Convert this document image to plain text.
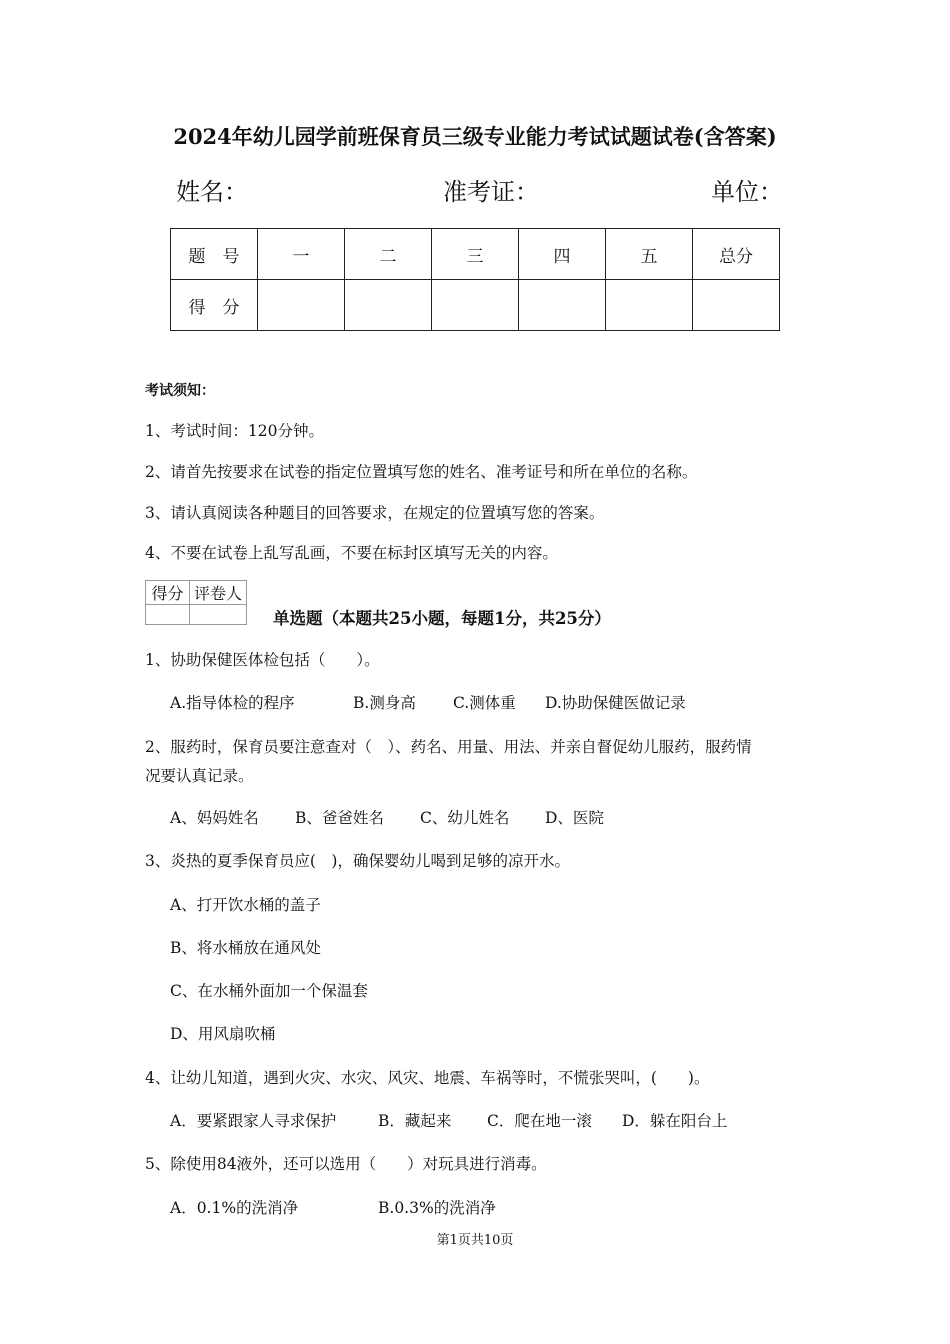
2024年幼儿园学前班保育员三级专业能力考试试题试卷(含答案)
姓名：	准考证：	单位：
题　号	一	二	三	四	五	总分
得　分						
考试须知：
1、考试时间：120分钟。
2、请首先按要求在试卷的指定位置填写您的姓名、准考证号和所在单位的名称。
3、请认真阅读各种题目的回答要求，在规定的位置填写您的答案。
4、不要在试卷上乱写乱画，不要在标封区填写无关的内容。
得分	评卷人

单选题（本题共25小题，每题1分，共25分）
1、协助保健医体检包括（　　）。
A.指导体检的程序	B.测身高 C.测体重 D.协助保健医做记录
2、服药时，保育员要注意查对（　）、药名、用量、用法、并亲自督促幼儿服药，服药情
况要认真记录。
A、妈妈姓名 B、爸爸姓名 C、幼儿姓名 D、医院
3、炎热的夏季保育员应(　)，确保婴幼儿喝到足够的凉开水。
A、打开饮水桶的盖子
B、将水桶放在通风处
C、在水桶外面加一个保温套
D、用风扇吹桶
4、让幼儿知道，遇到火灾、水灾、风灾、地震、车祸等时，不慌张哭叫，(　　)。
A．要紧跟家人寻求保护	B．藏起来 C．爬在地一滚 D．躲在阳台上
5、除使用84液外，还可以选用（　　）对玩具进行消毒。
A．0.1%的洗消净	B.0.3%的洗消净
第1页共10页
